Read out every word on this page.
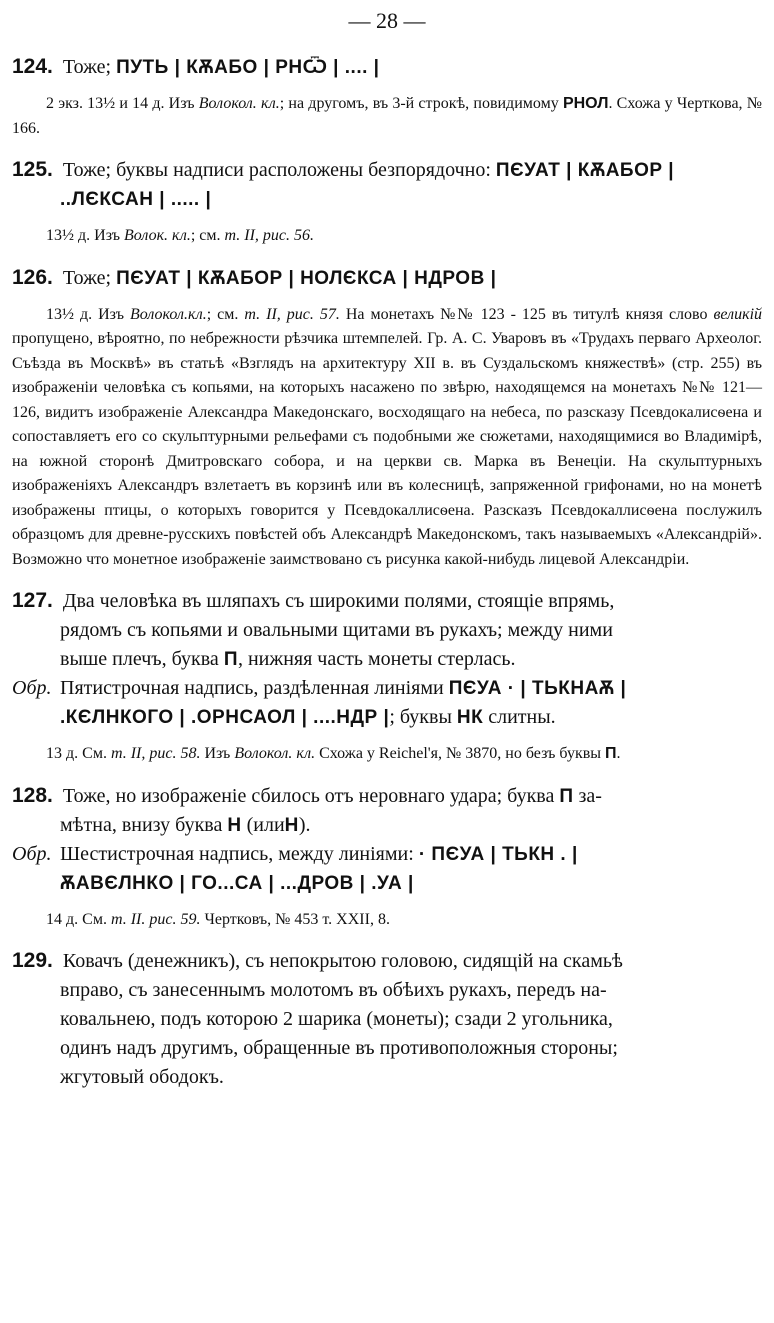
— 28 —
124. Тоже; ПУТЬ | КѪАБО | РНѾ | .... |
2 экз. 13½ и 14 д. Изъ Волокол. кл.; на другомъ, въ 3-й строкѣ, повидимому РНОЛ. Схожа у Черткова, № 166.
125. Тоже; буквы надписи расположены безпорядочно: ПЄУАТ | КѪАБОР |
..ЛЄКСАН | ..... |
13½ д. Изъ Волок. кл.; см. т. II, рис. 56.
126. Тоже; ПЄУАТ | КѪАБОР | НОЛЄКСА | НДРОВ |
13½ д. Изъ Волокол.кл.; см. т. II, рис. 57. На монетахъ №№ 123 - 125 въ титулѣ князя слово великій пропущено, вѣроятно, по небрежности рѣзчика штемпелей. Гр. А. С. Уваровъ въ «Трудахъ перваго Археолог. Съѣзда въ Москвѣ» въ статьѣ «Взглядъ на архитектуру XII в. въ Суздальскомъ княжествѣ» (стр. 255) въ изображеніи человѣка съ копьями, на которыхъ насажено по звѣрю, находящемся на монетахъ №№ 121—126, видитъ изображеніе Александра Македонскаго, восходящаго на небеса, по разсказу Псевдокалисѳена и сопоставляетъ его со скульптурными рельефами съ подобными же сюжетами, находящимися во Владимірѣ, на южной сторонѣ Дмитровскаго собора, и на церкви св. Марка въ Венеціи. На скульптурныхъ изображеніяхъ Александръ взлетаетъ въ корзинѣ или въ колесницѣ, запряженной грифонами, но на монетѣ изображены птицы, о которыхъ говорится у Псевдокаллисѳена. Разсказъ Псевдокаллисѳена послужилъ образцомъ для древне-русскихъ повѣстей объ Александрѣ Македонскомъ, такъ называемыхъ «Александрій». Возможно что монетное изображеніе заимствовано съ рисунка какой-нибудь лицевой Александріи.
127. Два человѣка въ шляпахъ съ широкими полями, стоящіе впрямь,
рядомъ съ копьями и овальными щитами въ рукахъ; между ними
выше плечъ, буква П, нижняя часть монеты стерлась.
Обр. Пятистрочная надпись, раздѣленная линіями ПЄУА · | ТЬКНАѪ |
.КЄЛНКОГО | .ОРНСАОЛ | ....НДР |; буквы НК слитны.
13 д. См. т. II, рис. 58. Изъ Волокол. кл. Схожа у Reichel'я, № 3870, но безъ буквы П.
128. Тоже, но изображеніе сбилось отъ неровнаго удара; буква П за-
мѣтна, внизу буква Н (илиН).
Обр. Шестистрочная надпись, между линіями: · ПЄУА | ТЬКН . |
ѪАВЄЛНКО | ГО...СА | ...ДРОВ | .УА |
14 д. См. т. II. рис. 59. Чертковъ, № 453 т. XXII, 8.
129. Ковачъ (денежникъ), съ непокрытою головою, сидящій на скамьѣ
вправо, съ занесеннымъ молотомъ въ обѣихъ рукахъ, передъ на-
ковальнею, подъ которою 2 шарика (монеты); сзади 2 угольника,
одинъ надъ другимъ, обращенные въ противоположныя стороны;
жгутовый ободокъ.
